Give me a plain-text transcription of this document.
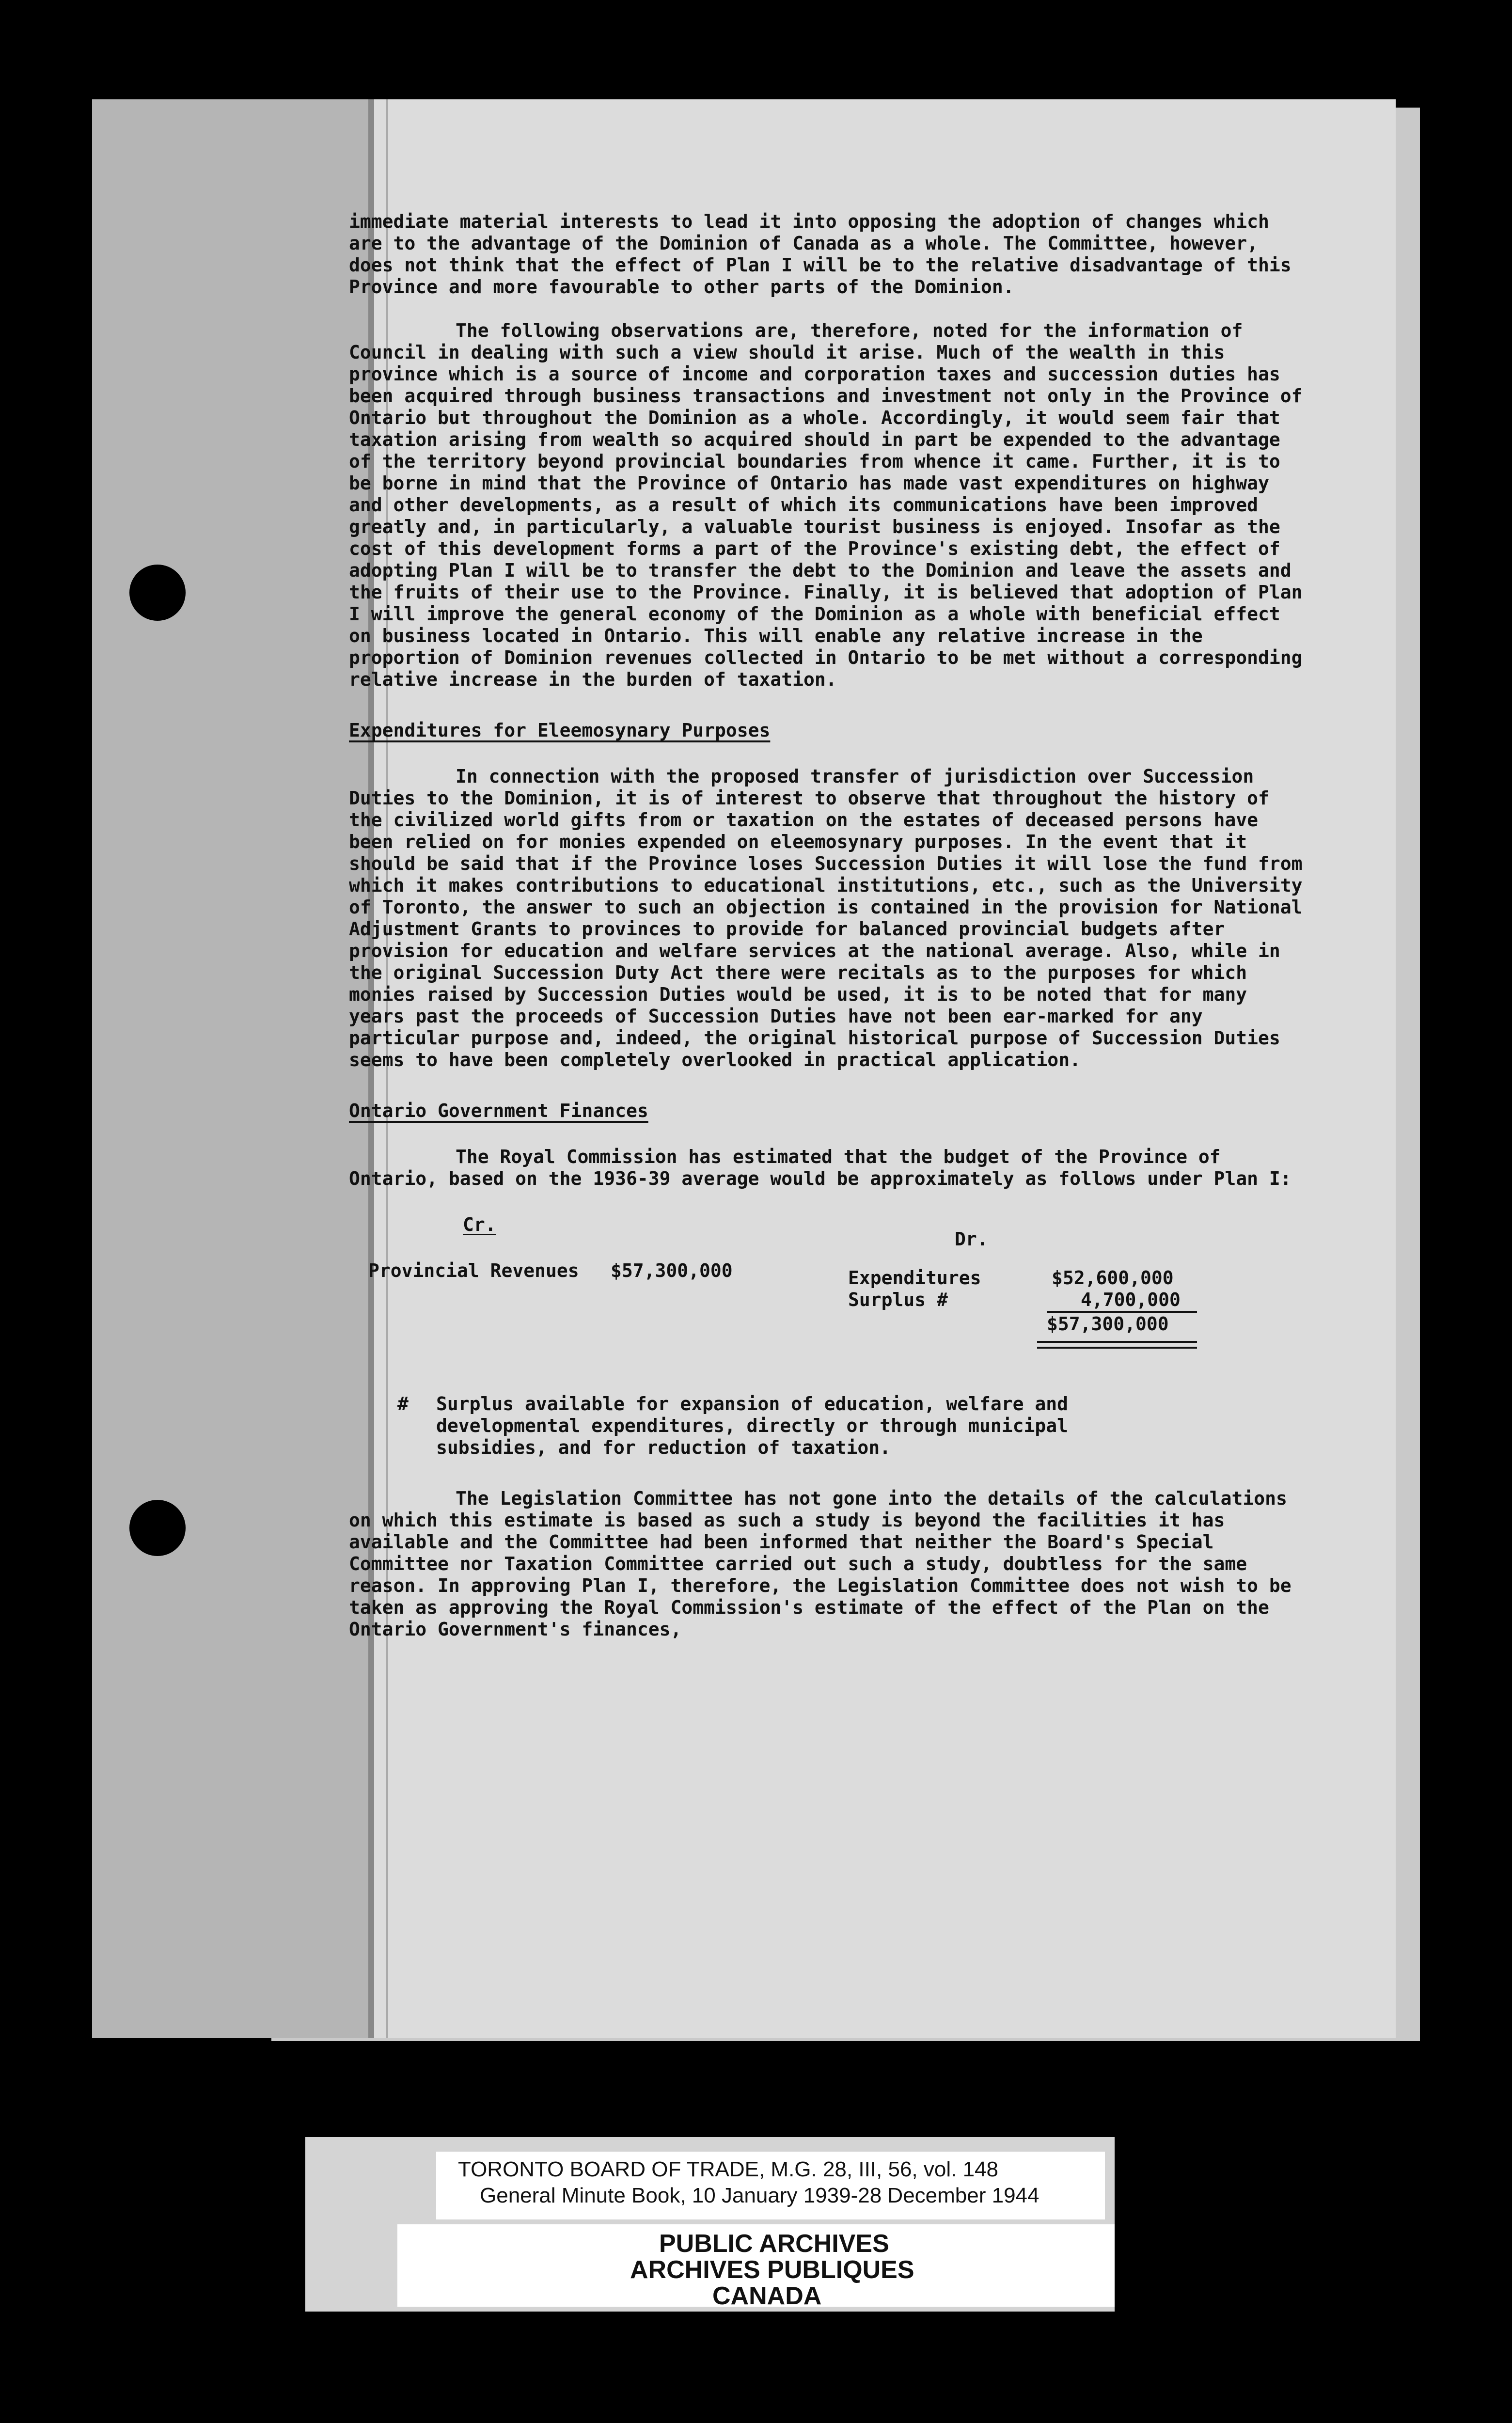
immediate material interests to lead it into opposing the adoption of changes which are to the advantage of the Dominion of Canada as a whole. The Committee, however, does not think that the effect of Plan I will be to the relative disadvantage of this Province and more favourable to other parts of the Dominion.

The following observations are, therefore, noted for the information of Council in dealing with such a view should it arise. Much of the wealth in this province which is a source of income and corporation taxes and succession duties has been acquired through business transactions and investment not only in the Province of Ontario but throughout the Dominion as a whole. Accordingly, it would seem fair that taxation arising from wealth so acquired should in part be expended to the advantage of the territory beyond provincial boundaries from whence it came. Further, it is to be borne in mind that the Province of Ontario has made vast expenditures on highway and other developments, as a result of which its communications have been improved greatly and, in particularly, a valuable tourist business is enjoyed. Insofar as the cost of this development forms a part of the Province's existing debt, the effect of adopting Plan I will be to transfer the debt to the Dominion and leave the assets and the fruits of their use to the Province. Finally, it is believed that adoption of Plan I will improve the general economy of the Dominion as a whole with beneficial effect on business located in Ontario. This will enable any relative increase in the proportion of Dominion revenues collected in Ontario to be met without a corresponding relative increase in the burden of taxation.

Expenditures for Eleemosynary Purposes

In connection with the proposed transfer of jurisdiction over Succession Duties to the Dominion, it is of interest to observe that throughout the history of the civilized world gifts from or taxation on the estates of deceased persons have been relied on for monies expended on eleemosynary purposes. In the event that it should be said that if the Province loses Succession Duties it will lose the fund from which it makes contributions to educational institutions, etc., such as the University of Toronto, the answer to such an objection is contained in the provision for National Adjustment Grants to provinces to provide for balanced provincial budgets after provision for education and welfare services at the national average. Also, while in the original Succession Duty Act there were recitals as to the purposes for which monies raised by Succession Duties would be used, it is to be noted that for many years past the proceeds of Succession Duties have not been ear-marked for any particular purpose and, indeed, the original historical purpose of Succession Duties seems to have been completely overlooked in practical application.

Ontario Government Finances

The Royal Commission has estimated that the budget of the Province of Ontario, based on the 1936-39 average would be approximately as follows under Plan I:

Cr.
Dr.
Provincial Revenues $57,300,000	Expenditures	$52,600,000
Surplus #	4,700,000
$57,300,000
#	Surplus available for expansion of education, welfare and developmental expenditures, directly or through municipal subsidies, and for reduction of taxation.

The Legislation Committee has not gone into the details of the calculations on which this estimate is based as such a study is beyond the facilities it has available and the Committee had been informed that neither the Board's Special Committee nor Taxation Committee carried out such a study, doubtless for the same reason. In approving Plan I, therefore, the Legislation Committee does not wish to be taken as approving the Royal Commission's estimate of the effect of the Plan on the Ontario Government's finances,

TORONTO BOARD OF TRADE, M.G. 28, III, 56, vol. 148
General Minute Book, 10 January 1939-28 December 1944
PUBLIC ARCHIVES
ARCHIVES PUBLIQUES
CANADA
